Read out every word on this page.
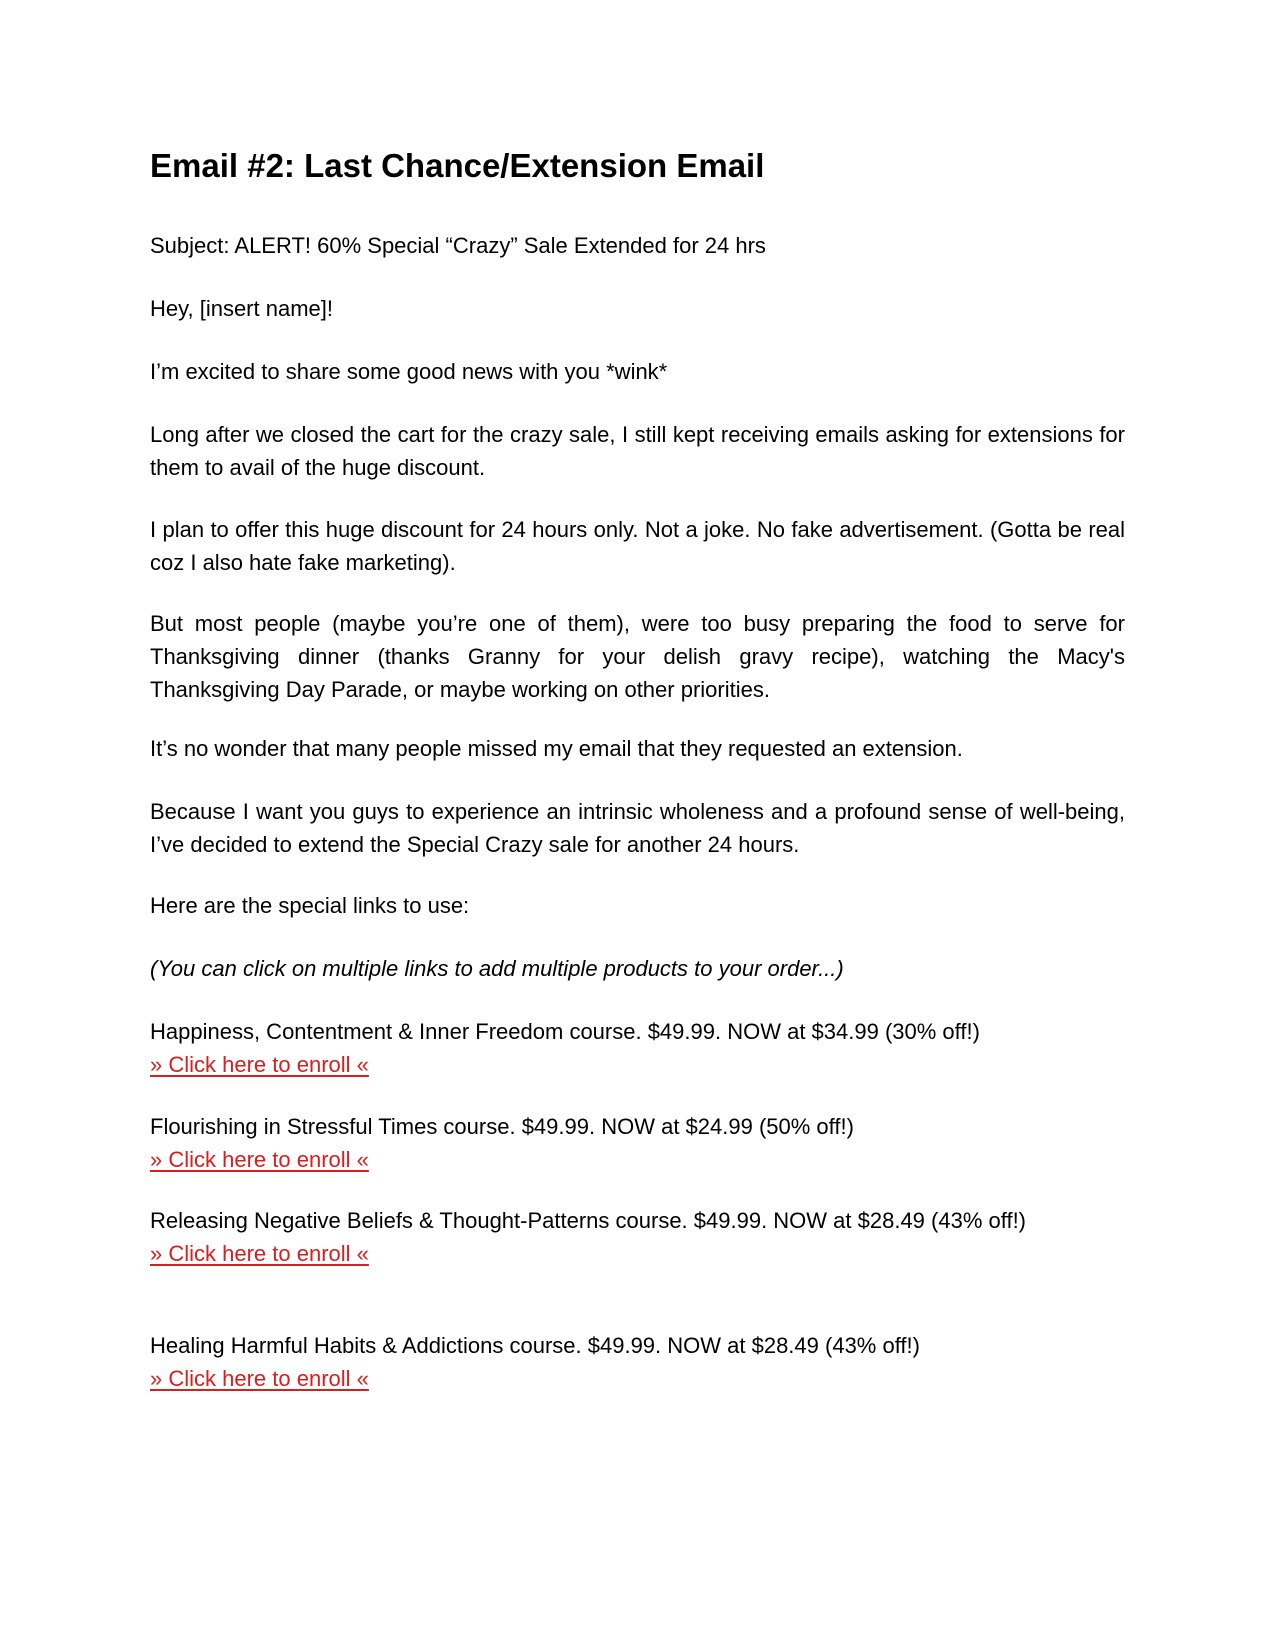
Email #2: Last Chance/Extension Email

Subject: ALERT! 60% Special “Crazy” Sale Extended for 24 hrs

Hey, [insert name]!

I’m excited to share some good news with you *wink*

Long after we closed the cart for the crazy sale, I still kept receiving emails asking for extensions for them to avail of the huge discount.

I plan to offer this huge discount for 24 hours only. Not a joke. No fake advertisement. (Gotta be real coz I also hate fake marketing).

But most people (maybe you’re one of them), were too busy preparing the food to serve for Thanksgiving dinner (thanks Granny for your delish gravy recipe), watching the Macy's Thanksgiving Day Parade, or maybe working on other priorities.

It’s no wonder that many people missed my email that they requested an extension.

Because I want you guys to experience an intrinsic wholeness and a profound sense of well-being, I’ve decided to extend the Special Crazy sale for another 24 hours.

Here are the special links to use:

(You can click on multiple links to add multiple products to your order...)

Happiness, Contentment & Inner Freedom course. $49.99. NOW at $34.99 (30% off!)
» Click here to enroll «
Flourishing in Stressful Times course. $49.99. NOW at $24.99 (50% off!)
» Click here to enroll «
Releasing Negative Beliefs & Thought-Patterns course. $49.99. NOW at $28.49 (43% off!)
» Click here to enroll «
Healing Harmful Habits & Addictions course. $49.99. NOW at $28.49 (43% off!)
» Click here to enroll «
